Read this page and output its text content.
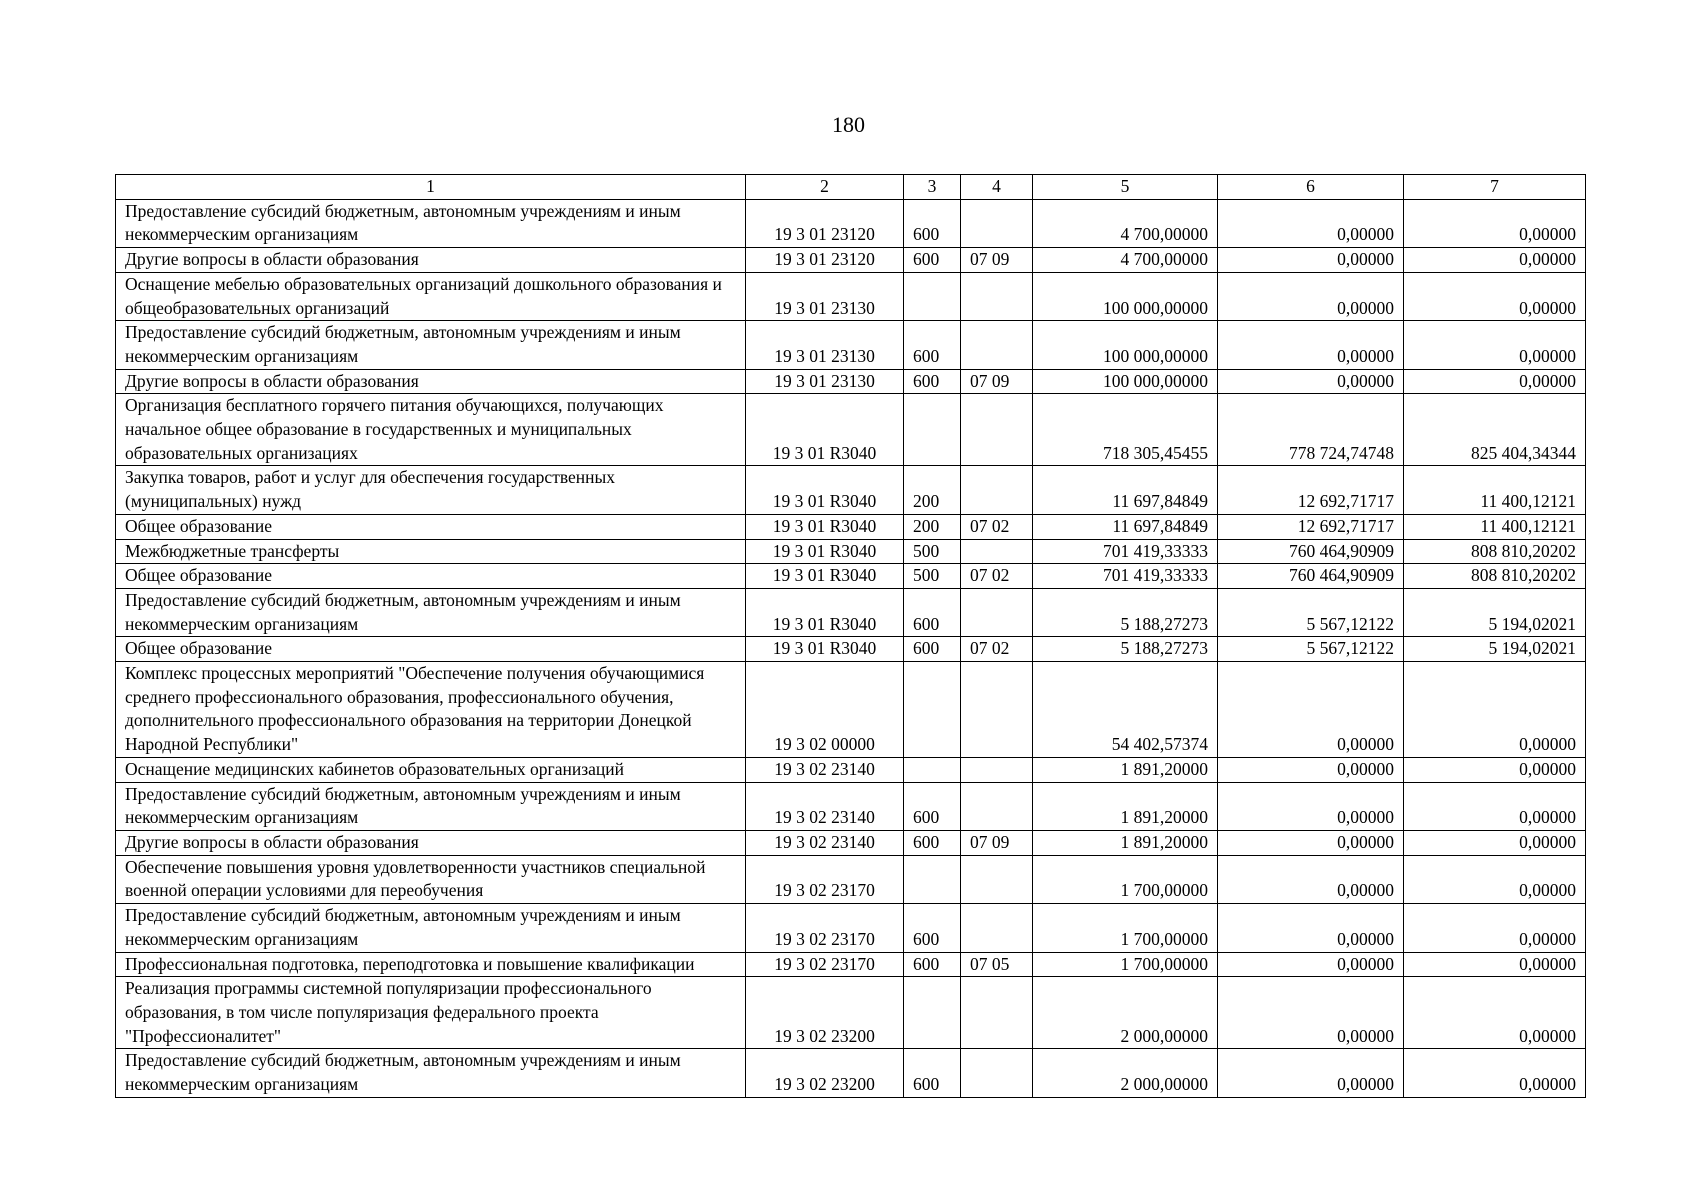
180
1	2	3	4	5	6	7
Предоставление субсидий бюджетным, автономным учреждениям и иным некоммерческим организациям	19 3 01 23120	600		4 700,00000	0,00000	0,00000
Другие вопросы в области образования	19 3 01 23120	600	07 09	4 700,00000	0,00000	0,00000
Оснащение мебелью образовательных организаций дошкольного образования и общеобразовательных организаций	19 3 01 23130			100 000,00000	0,00000	0,00000
Предоставление субсидий бюджетным, автономным учреждениям и иным некоммерческим организациям	19 3 01 23130	600		100 000,00000	0,00000	0,00000
Другие вопросы в области образования	19 3 01 23130	600	07 09	100 000,00000	0,00000	0,00000
Организация бесплатного горячего питания обучающихся, получающих начальное общее образование в государственных и муниципальных образовательных организациях	19 3 01 R3040			718 305,45455	778 724,74748	825 404,34344
Закупка товаров, работ и услуг для обеспечения государственных (муниципальных) нужд	19 3 01 R3040	200		11 697,84849	12 692,71717	11 400,12121
Общее образование	19 3 01 R3040	200	07 02	11 697,84849	12 692,71717	11 400,12121
Межбюджетные трансферты	19 3 01 R3040	500		701 419,33333	760 464,90909	808 810,20202
Общее образование	19 3 01 R3040	500	07 02	701 419,33333	760 464,90909	808 810,20202
Предоставление субсидий бюджетным, автономным учреждениям и иным некоммерческим организациям	19 3 01 R3040	600		5 188,27273	5 567,12122	5 194,02021
Общее образование	19 3 01 R3040	600	07 02	5 188,27273	5 567,12122	5 194,02021
Комплекс процессных мероприятий "Обеспечение получения обучающимися среднего профессионального образования, профессионального обучения, дополнительного профессионального образования на территории Донецкой Народной Республики"	19 3 02 00000			54 402,57374	0,00000	0,00000
Оснащение медицинских кабинетов образовательных организаций	19 3 02 23140			1 891,20000	0,00000	0,00000
Предоставление субсидий бюджетным, автономным учреждениям и иным некоммерческим организациям	19 3 02 23140	600		1 891,20000	0,00000	0,00000
Другие вопросы в области образования	19 3 02 23140	600	07 09	1 891,20000	0,00000	0,00000
Обеспечение повышения уровня удовлетворенности участников специальной военной операции условиями для переобучения	19 3 02 23170			1 700,00000	0,00000	0,00000
Предоставление субсидий бюджетным, автономным учреждениям и иным некоммерческим организациям	19 3 02 23170	600		1 700,00000	0,00000	0,00000
Профессиональная подготовка, переподготовка и повышение квалификации	19 3 02 23170	600	07 05	1 700,00000	0,00000	0,00000
Реализация программы системной популяризации профессионального образования, в том числе популяризация федерального проекта "Профессионалитет"	19 3 02 23200			2 000,00000	0,00000	0,00000
Предоставление субсидий бюджетным, автономным учреждениям и иным некоммерческим организациям	19 3 02 23200	600		2 000,00000	0,00000	0,00000
